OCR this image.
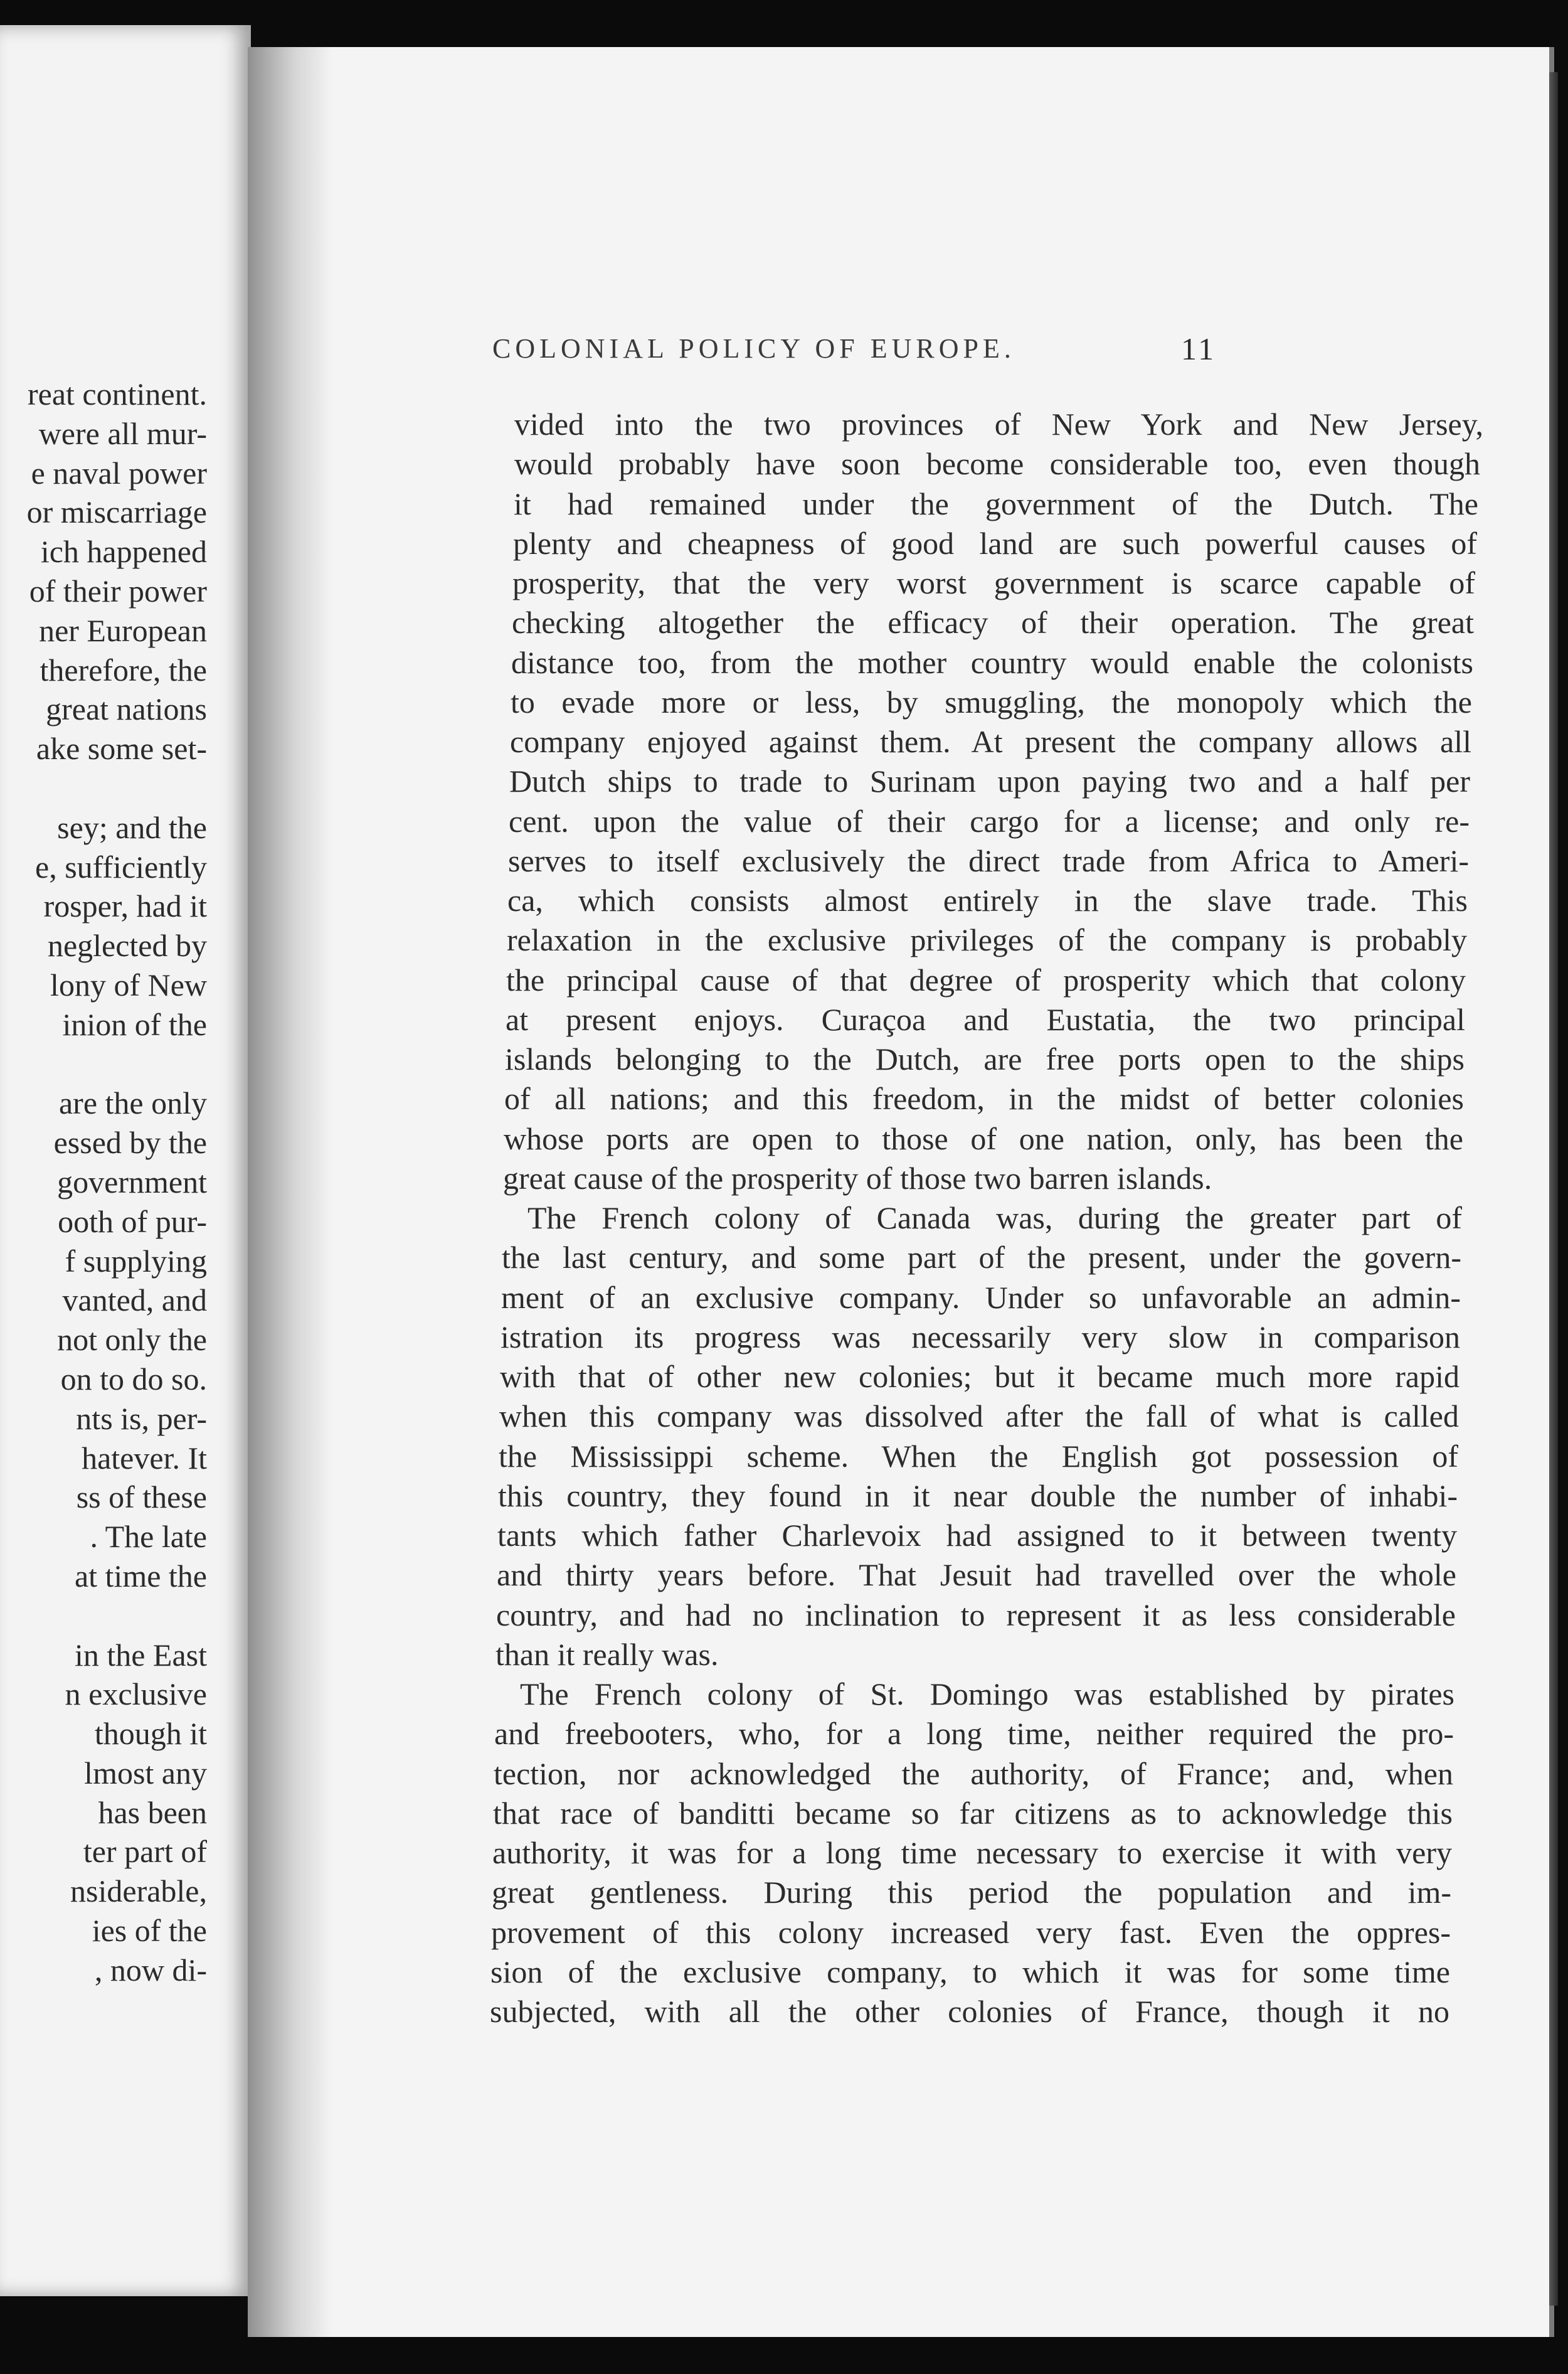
reat continent.
were all mur-
e naval power
or miscarriage
ich happened
of their power
ner European
therefore, the
great nations
ake some set-
sey; and the
e, sufficiently
rosper, had it
neglected by
lony of New
inion of the
are the only
essed by the
government
ooth of pur-
f supplying
vanted, and
not only the
on to do so.
nts is, per-
hatever. It
ss of these
. The late
at time the
in the East
n exclusive
though it
lmost any
has been
ter part of
nsiderable,
ies of the
, now di-
COLONIAL POLICY OF EUROPE.	11
vided into the two provinces of New York and New Jersey,
would probably have soon become considerable too, even though
it had remained under the government of the Dutch. The
plenty and cheapness of good land are such powerful causes of
prosperity, that the very worst government is scarce capable of
checking altogether the efficacy of their operation. The great
distance too, from the mother country would enable the colonists
to evade more or less, by smuggling, the monopoly which the
company enjoyed against them. At present the company allows all
Dutch ships to trade to Surinam upon paying two and a half per
cent. upon the value of their cargo for a license; and only re-
serves to itself exclusively the direct trade from Africa to Ameri-
ca, which consists almost entirely in the slave trade. This
relaxation in the exclusive privileges of the company is probably
the principal cause of that degree of prosperity which that colony
at present enjoys. Curaçoa and Eustatia, the two principal
islands belonging to the Dutch, are free ports open to the ships
of all nations; and this freedom, in the midst of better colonies
whose ports are open to those of one nation, only, has been the
great cause of the prosperity of those two barren islands.
The French colony of Canada was, during the greater part of
the last century, and some part of the present, under the govern-
ment of an exclusive company. Under so unfavorable an admin-
istration its progress was necessarily very slow in comparison
with that of other new colonies; but it became much more rapid
when this company was dissolved after the fall of what is called
the Mississippi scheme. When the English got possession of
this country, they found in it near double the number of inhabi-
tants which father Charlevoix had assigned to it between twenty
and thirty years before. That Jesuit had travelled over the whole
country, and had no inclination to represent it as less considerable
than it really was.
The French colony of St. Domingo was established by pirates
and freebooters, who, for a long time, neither required the pro-
tection, nor acknowledged the authority, of France; and, when
that race of banditti became so far citizens as to acknowledge this
authority, it was for a long time necessary to exercise it with very
great gentleness. During this period the population and im-
provement of this colony increased very fast. Even the oppres-
sion of the exclusive company, to which it was for some time
subjected, with all the other colonies of France, though it no
